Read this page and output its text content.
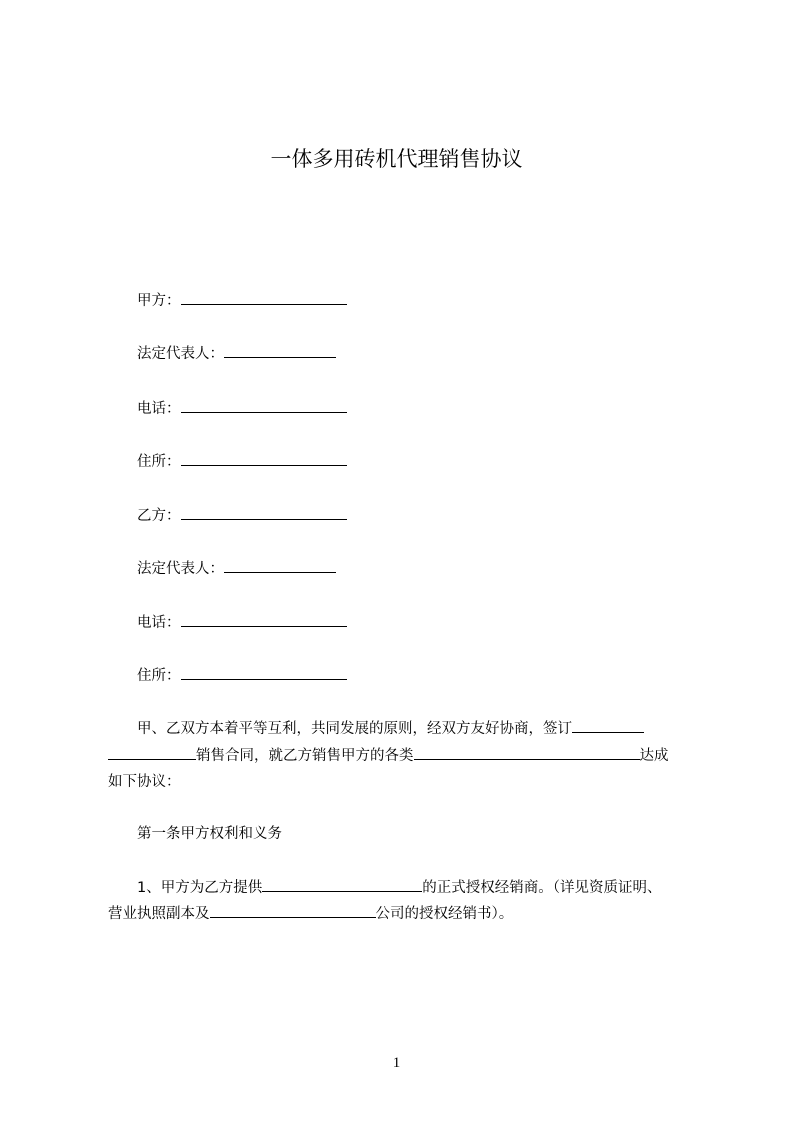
一体多用砖机代理销售协议
甲方：
法定代表人：
电话：
住所：
乙方：
法定代表人：
电话：
住所：
甲、乙双方本着平等互利，共同发展的原则，经双方友好协商，签订
销售合同，就乙方销售甲方的各类	达成
如下协议：
第一条甲方权利和义务
1、甲方为乙方提供	的正式授权经销商。（详见资质证明、
营业执照副本及	公司的授权经销书）。
1
